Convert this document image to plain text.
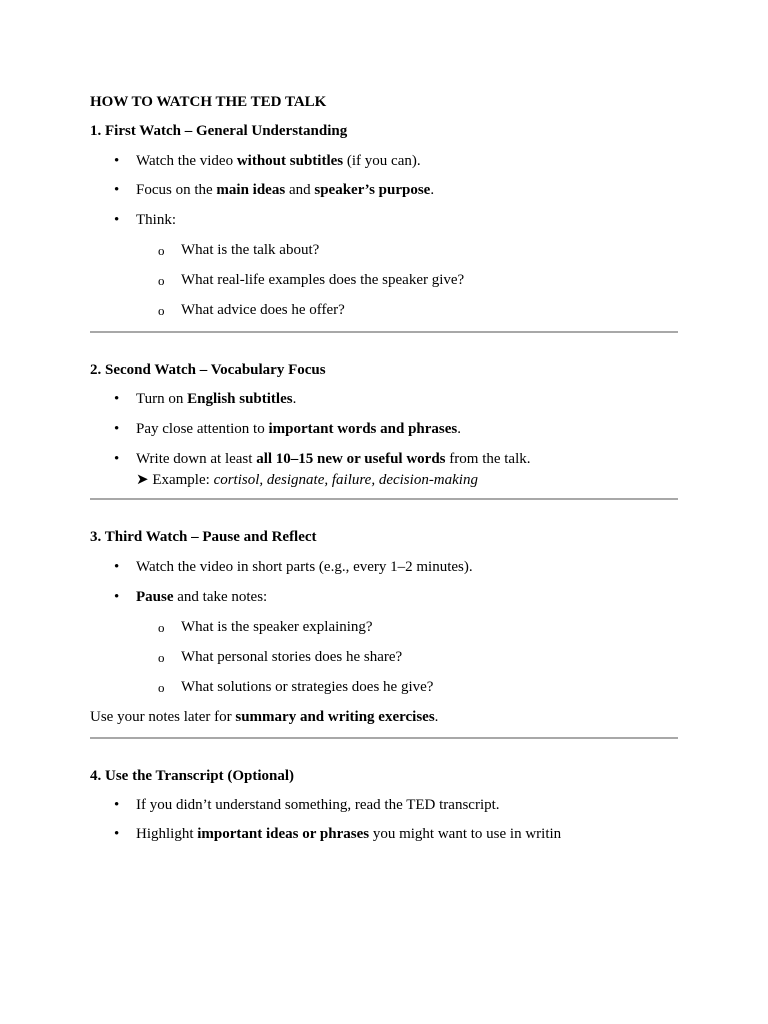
HOW TO WATCH THE TED TALK
1. First Watch – General Understanding
• Watch the video without subtitles (if you can).
• Focus on the main ideas and speaker’s purpose.
• Think:
o What is the talk about?
o What real-life examples does the speaker give?
o What advice does he offer?
2. Second Watch – Vocabulary Focus
• Turn on English subtitles.
• Pay close attention to important words and phrases.
• Write down at least all 10–15 new or useful words from the talk.
➤ Example: cortisol, designate, failure, decision-making
3. Third Watch – Pause and Reflect
• Watch the video in short parts (e.g., every 1–2 minutes).
• Pause and take notes:
o What is the speaker explaining?
o What personal stories does he share?
o What solutions or strategies does he give?
Use your notes later for summary and writing exercises.
4. Use the Transcript (Optional)
• If you didn’t understand something, read the TED transcript.
• Highlight important ideas or phrases you might want to use in writin
